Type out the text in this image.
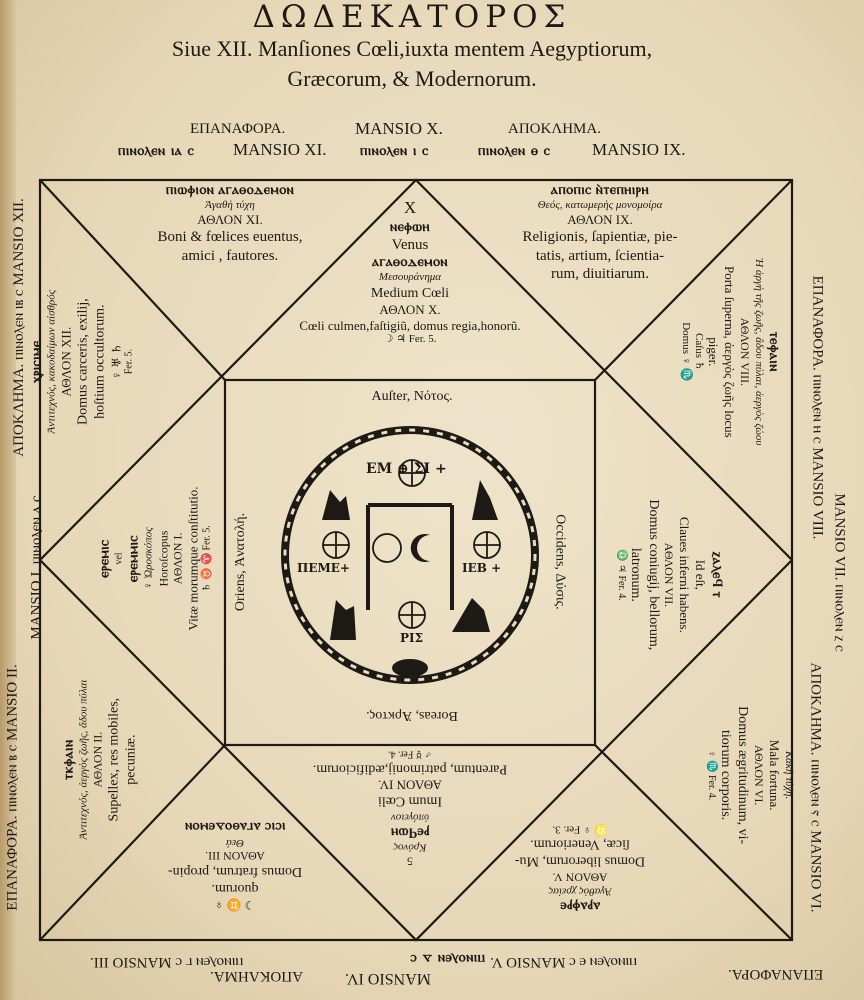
ΔΩΔΕΚΑΤΟΡΟΣ
Siue XII. Manſiones Cœli,iuxta mentem Aegyptiorum,
Græcorum, & Modernorum.
ΕΠΑΝΑΦΟΡΑ.	MANSIO X.	ΑΠΟΚΛΗΜΑ.
ⲡⲓⲛⲟⲗⲉⲛ ⲓⲁ ⲥ MANSIO XI. ⲡⲓⲛⲟⲗⲉⲛ ⲓ ⲥ	ⲡⲓⲛⲟⲗⲉⲛ ⲑ ⲥ MANSIO IX.
ΑΠΟΚΛΗΜΑ.	MANSIO IV.	ΕΠΑΝΑΦΟΡΑ.
ⲡⲓⲛⲟⲗⲉⲛ ⲅ ⲥ MANSIO III.	ⲡⲓⲛⲟⲗⲉⲛ ⲇ ⲥ ⲡⲓⲛⲟⲗⲉⲛ ⲉ ⲥ MANSIO V.
ΑΠΟΚΛΗΜΑ. ⲡⲓⲛⲟⲗⲉⲛ ⲓⲃ ⲥ MANSIO XII.
MANSIO I. ⲡⲓⲛⲟⲗⲉⲛ ⲁ ⲥ
ΕΠΑΝΑΦΟΡΑ. ⲡⲓⲛⲟⲗⲉⲛ ⲃ ⲥ MANSIO II.
ΕΠΑΝΑΦΟΡΑ. ⲡⲓⲛⲟⲗⲉⲛ ⲏ ⲥ MANSIO VIII.
MANSIO VII. ⲡⲓⲛⲟⲗⲉⲛ ⲍ ⲥ
ΑΠΟΚΛΗΜΑ. ⲡⲓⲛⲟⲗⲉⲛ ⲋ ⲥ MANSIO VI.
ⲡⲓⲱⲫⲓⲟⲛ ⲁⲅⲁⲑⲟⲇⲉⲙⲟⲛ
Ἀγαθὴ τύχη
ΑΘΛΟΝ XI.
Boni & fœlices euentus,
amici , fautores.
X
ⲛⲉⲫⲱⲏ
Venus
ⲁⲅⲁⲑⲟⲇⲉⲙⲟⲛ
Μεσουράνημα
Medium Cœli
ΑΘΛΟΝ X.
Cœli culmen,faſtigiũ, domus regia,honorũ.
☽ ♃ Fer. 5.
ⲁⲡⲟⲡⲓⲥ ⲛ̀ⲧⲉⲡⲏⲓⲣⲏ
Θεός, κατωμερὴς μονομοίρα
ΑΘΛΟΝ IX.
Religionis, ſapientiæ, pie-
tatis, artium, ſcientia-
rum, diuitiarum.
ⲭⲣⲓⲥⲓⲙⲉ Ἀντιτεχνός, κακοδαίμων αἰσθρός ΑΘΛΟΝ XII. Domus carceris, exilij, hoſtium occultorum. ♀ ♅ ♄ Fer. 5.
ⲉⲣⲉⲙⲓⲥ vel ⲉⲣⲉⲙⲙⲓⲥ ♀ Ὡροσκόπος Horoſcopus ΑΘΛΟΝ I. Vitæ morumque conſtitutio. ♄ ♉ ♈ Fer. 5.
ⲧⲕⲫⲁⲓⲛ Ἀντιτεχνός, ἀεργὸς ζωῆς, ἄδου πύλαι ΑΘΛΟΝ II. Supellex, res mobiles, pecuniæ.
ⲧⲉⲫⲁⲓⲛ
Ἡ ἀργὴ τῆς ζωῆς, ἄδου πύλαι, ἀεργὸς ζώου
ΑΘΛΟΝ VIII.
Porta ſuperna, ἀεργὸς ζωῆς locus
piger.
Caſus ♄
Domus ♀ ♏
ⲍⲁⲗⲉϥ ⲧ
Id eſt,
Claues inferni habens.
ΑΘΛΟΝ VII.
Domus coniugij, bellorum,
latronum.
♎ ♃ Fer. 4.
Κακὴ τύχη.
Mala fortuna.
ΑΘΛΟΝ VI.
Domus ægritudinum, vi-
tiorum corporis.
♀ ♏ Fer. 4.
ⲁⲣⲁⲫⲣⲉ
Ἀγαθὸς χρείας
ΑΘΛΟΝ V.
Domus liberorum, Mu-
ſicæ, Veneriorum.
♌ ♀ Fer. 3.
5
Κρόνος
ⲣⲉϥⲱⲏ
ὑπόγειον
Imum Cœli
ΑΘΛΟΝ IV.
Parentum, patrimonij,ædificiorum.
♂ ☿ Fer. 4.
☽ ♊ ♀
quorum.
Domus fratrum, propin-
ΑΘΛΟΝ III.
Θεά
ⲓⲥⲓⲥ ⲁⲅⲁⲑⲟⲇⲉⲙⲟⲛ
Auſter, Νότος.
Boreas, Ἀρκτος.
Oriens, Ἀνατολή.	Occidens, Δύσις.
ΕΜ ⊕ ΣΙ +
ΠΕΜΕ+	ΙΕΒ +
ΡΙΣ
